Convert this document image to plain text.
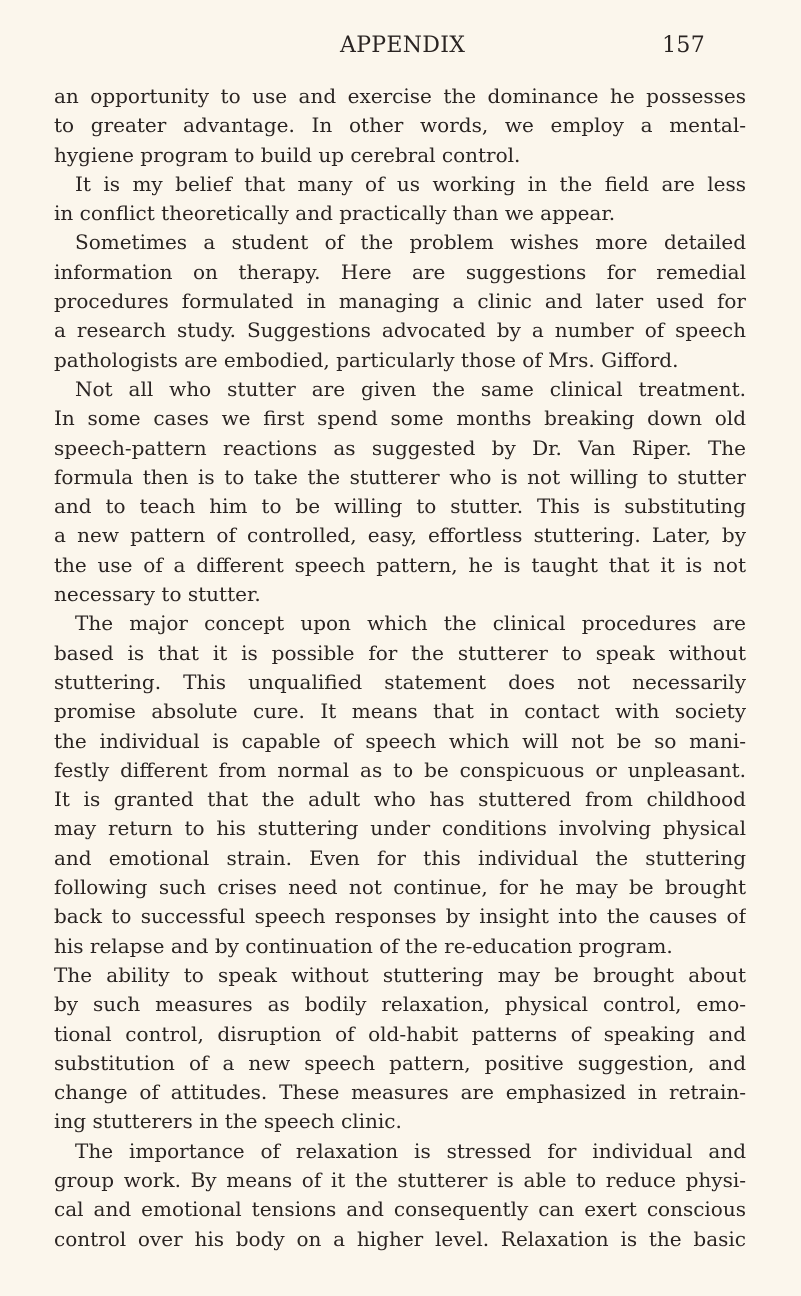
APPENDIX	157
an opportunity to use and exercise the dominance he possesses
to greater advantage. In other words, we employ a mental-
hygiene program to build up cerebral control.
It is my belief that many of us working in the field are less
in conflict theoretically and practically than we appear.
Sometimes a student of the problem wishes more detailed
information on therapy. Here are suggestions for remedial
procedures formulated in managing a clinic and later used for
a research study. Suggestions advocated by a number of speech
pathologists are embodied, particularly those of Mrs. Gifford.
Not all who stutter are given the same clinical treatment.
In some cases we first spend some months breaking down old
speech-pattern reactions as suggested by Dr. Van Riper. The
formula then is to take the stutterer who is not willing to stutter
and to teach him to be willing to stutter. This is substituting
a new pattern of controlled, easy, effortless stuttering. Later, by
the use of a different speech pattern, he is taught that it is not
necessary to stutter.
The major concept upon which the clinical procedures are
based is that it is possible for the stutterer to speak without
stuttering. This unqualified statement does not necessarily
promise absolute cure. It means that in contact with society
the individual is capable of speech which will not be so mani-
festly different from normal as to be conspicuous or unpleasant.
It is granted that the adult who has stuttered from childhood
may return to his stuttering under conditions involving physical
and emotional strain. Even for this individual the stuttering
following such crises need not continue, for he may be brought
back to successful speech responses by insight into the causes of
his relapse and by continuation of the re-education program.
The ability to speak without stuttering may be brought about
by such measures as bodily relaxation, physical control, emo-
tional control, disruption of old-habit patterns of speaking and
substitution of a new speech pattern, positive suggestion, and
change of attitudes. These measures are emphasized in retrain-
ing stutterers in the speech clinic.
The importance of relaxation is stressed for individual and
group work. By means of it the stutterer is able to reduce physi-
cal and emotional tensions and consequently can exert conscious
control over his body on a higher level. Relaxation is the basic
